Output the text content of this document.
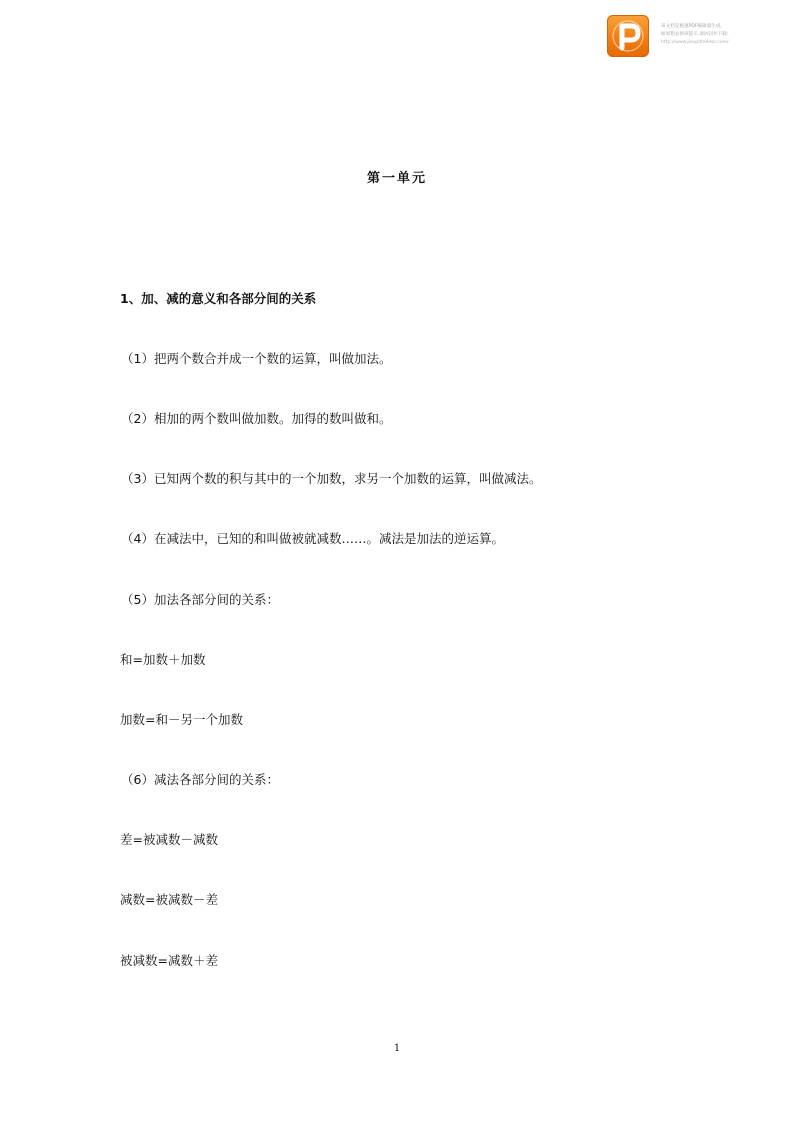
该文档是极速PDF编辑器生成,
如果想去掉该提示,请访问并下载:
http://www.jisupdfeditor.com/
第一单元
1、加、减的意义和各部分间的关系
（1）把两个数合并成一个数的运算，叫做加法。
（2）相加的两个数叫做加数。加得的数叫做和。
（3）已知两个数的积与其中的一个加数，求另一个加数的运算，叫做减法。
（4）在减法中，已知的和叫做被就减数……。减法是加法的逆运算。
（5）加法各部分间的关系：
和=加数＋加数
加数=和－另一个加数
（6）减法各部分间的关系：
差=被减数－减数
减数=被减数－差
被减数=减数＋差
1
